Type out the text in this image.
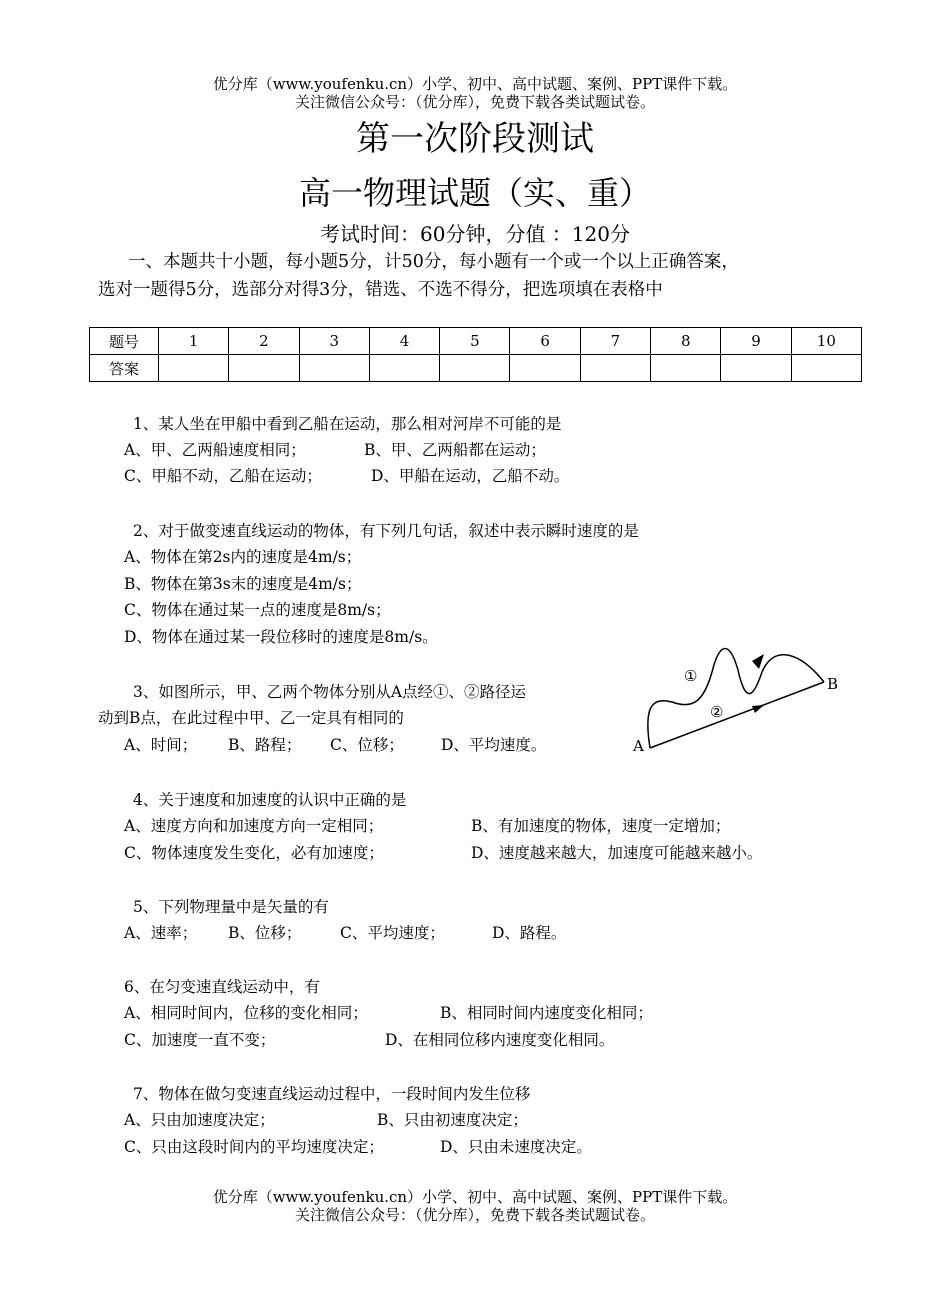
优分库（www.youfenku.cn）小学、初中、高中试题、案例、PPT课件下载。
关注微信公众号：（优分库），免费下载各类试题试卷。
第一次阶段测试
高一物理试题（实、重）
考试时间：60分钟，分值 ：120分
一、本题共十小题，每小题5分，计50分，每小题有一个或一个以上正确答案，
选对一题得5分，选部分对得3分，错选、不选不得分，把选项填在表格中
题号	1	2	3	4	5	6	7	8	9	10
答案										
1、某人坐在甲船中看到乙船在运动，那么相对河岸不可能的是
A、甲、乙两船速度相同；	B、甲、乙两船都在运动；
C、甲船不动，乙船在运动；	D、甲船在运动，乙船不动。
2、对于做变速直线运动的物体，有下列几句话，叙述中表示瞬时速度的是
A、物体在第2s内的速度是4m/s；
B、物体在第3s末的速度是4m/s；
C、物体在通过某一点的速度是8m/s；
D、物体在通过某一段位移时的速度是8m/s。
3、如图所示，甲、乙两个物体分别从A点经①、②路径运
动到B点，在此过程中甲、乙一定具有相同的
A、时间； B、路程； C、位移； D、平均速度。	A
B
①
②
4、关于速度和加速度的认识中正确的是
A、速度方向和加速度方向一定相同；	B、有加速度的物体，速度一定增加；
C、物体速度发生变化，必有加速度；	D、速度越来越大，加速度可能越来越小。
5、下列物理量中是矢量的有
A、速率； B、位移； C、平均速度；	D、路程。
6、在匀变速直线运动中，有
A、相同时间内，位移的变化相同；	B、相同时间内速度变化相同；
C、加速度一直不变；	D、在相同位移内速度变化相同。
7、物体在做匀变速直线运动过程中，一段时间内发生位移
A、只由加速度决定；	B、只由初速度决定；
C、只由这段时间内的平均速度决定；	D、只由未速度决定。
优分库（www.youfenku.cn）小学、初中、高中试题、案例、PPT课件下载。
关注微信公众号：（优分库），免费下载各类试题试卷。
